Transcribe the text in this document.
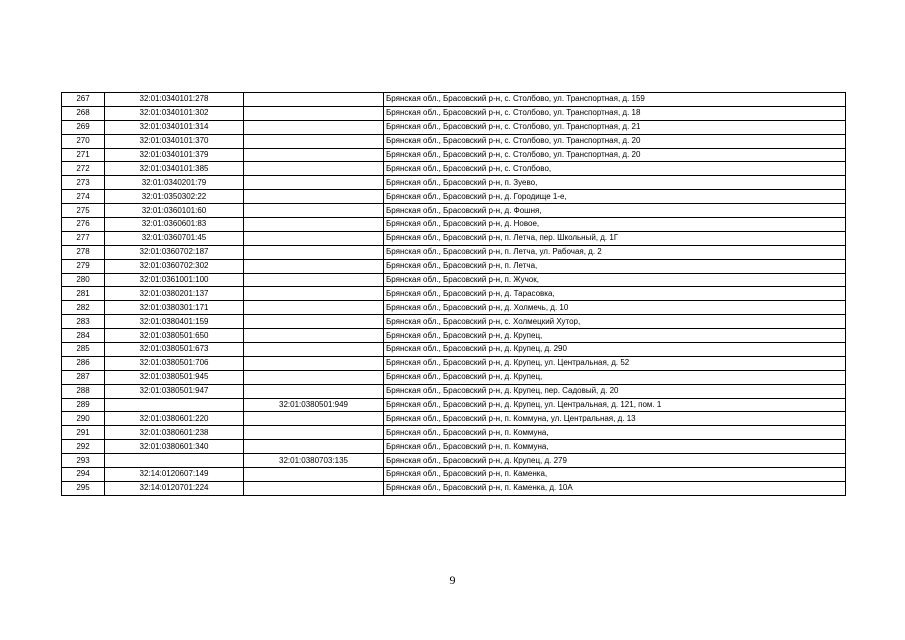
267	32:01:0340101:278		Брянская обл., Брасовский р-н, с. Столбово, ул. Транспортная, д. 159
268	32:01:0340101:302		Брянская обл., Брасовский р-н, с. Столбово, ул. Транспортная, д. 18
269	32:01:0340101:314		Брянская обл., Брасовский р-н, с. Столбово, ул. Транспортная, д. 21
270	32:01:0340101:370		Брянская обл., Брасовский р-н, с. Столбово, ул. Транспортная, д. 20
271	32:01:0340101:379		Брянская обл., Брасовский р-н, с. Столбово, ул. Транспортная, д. 20
272	32:01:0340101:385		Брянская обл., Брасовский р-н, с. Столбово,
273	32:01:0340201:79		Брянская обл., Брасовский р-н, п. Зуево,
274	32:01:0350302:22		Брянская обл., Брасовский р-н, д. Городище 1-е,
275	32:01:0360101:60		Брянская обл., Брасовский р-н, д. Фошня,
276	32:01:0360601:83		Брянская обл., Брасовский р-н, д. Новое,
277	32:01:0360701:45		Брянская обл., Брасовский р-н, п. Летча, пер. Школьный, д. 1Г
278	32:01:0360702:187		Брянская обл., Брасовский р-н, п. Летча, ул. Рабочая, д. 2
279	32:01:0360702:302		Брянская обл., Брасовский р-н, п. Летча,
280	32:01:0361001:100		Брянская обл., Брасовский р-н, п. Жучок,
281	32:01:0380201:137		Брянская обл., Брасовский р-н, д. Тарасовка,
282	32:01:0380301:171		Брянская обл., Брасовский р-н, д. Холмечь, д. 10
283	32:01:0380401:159		Брянская обл., Брасовский р-н, с. Холмецкий Хутор,
284	32:01:0380501:650		Брянская обл., Брасовский р-н, д. Крупец,
285	32:01:0380501:673		Брянская обл., Брасовский р-н, д. Крупец, д. 290
286	32:01:0380501:706		Брянская обл., Брасовский р-н, д. Крупец, ул. Центральная, д. 52
287	32:01:0380501:945		Брянская обл., Брасовский р-н, д. Крупец,
288	32:01:0380501:947		Брянская обл., Брасовский р-н, д. Крупец, пер. Садовый, д. 20
289		32:01:0380501:949	Брянская обл., Брасовский р-н, д. Крупец, ул. Центральная, д. 121, пом. 1
290	32:01:0380601:220		Брянская обл., Брасовский р-н, п. Коммуна, ул. Центральная, д. 13
291	32:01:0380601:238		Брянская обл., Брасовский р-н, п. Коммуна,
292	32:01:0380601:340		Брянская обл., Брасовский р-н, п. Коммуна,
293		32:01:0380703:135	Брянская обл., Брасовский р-н, д. Крупец, д. 279
294	32:14:0120607:149		Брянская обл., Брасовский р-н, п. Каменка,
295	32:14:0120701:224		Брянская обл., Брасовский р-н, п. Каменка, д. 10А
9
